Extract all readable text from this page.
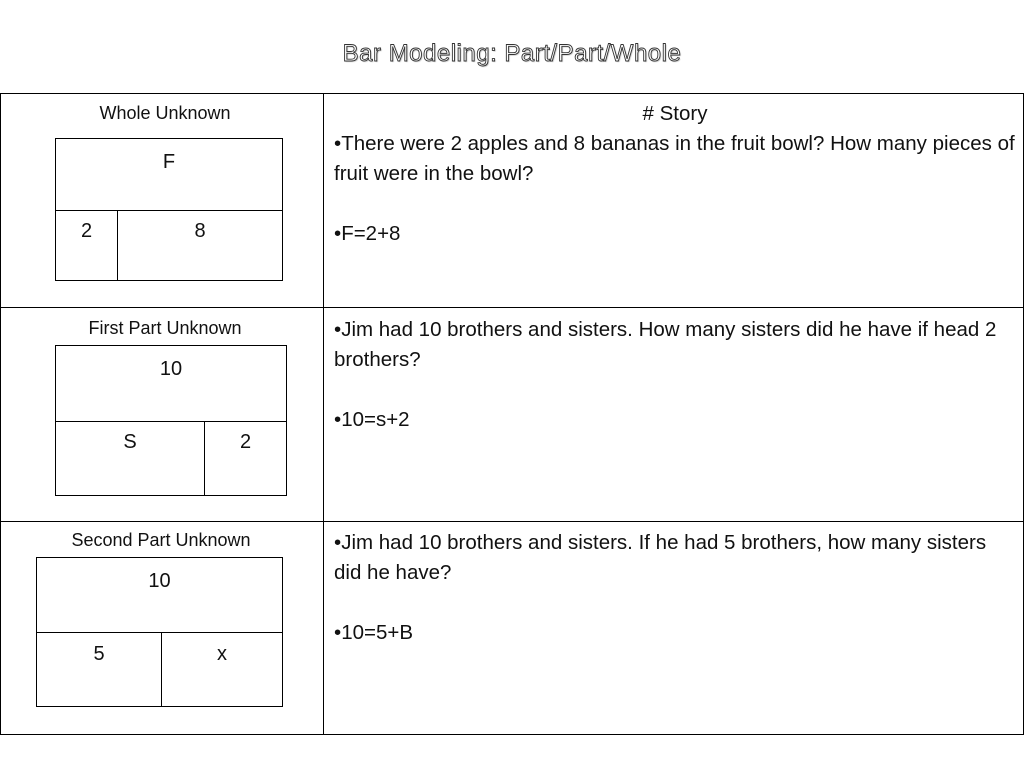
Bar Modeling: Part/Part/Whole
Whole Unknown
F
2	8

# Story

• There were 2 apples and 8 bananas in the fruit bowl? How many pieces of fruit were in the bowl?

• F=2+8

First Part Unknown
10
S	2

• Jim had 10 brothers and sisters. How many sisters did he have if head 2 brothers?

• 10=s+2

Second Part Unknown
10
5	x

• Jim had 10 brothers and sisters. If he had 5 brothers, how many sisters did he have?

• 10=5+B
